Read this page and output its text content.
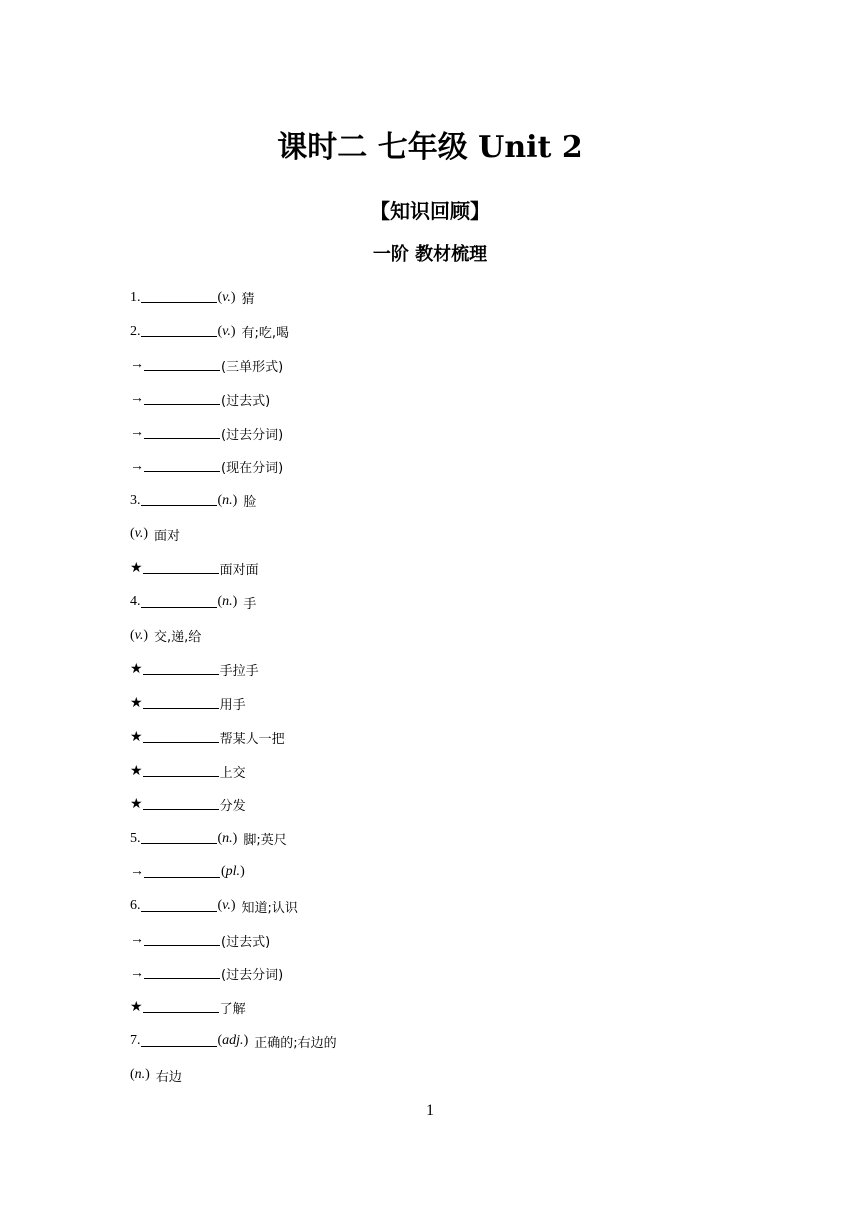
课时二 七年级 Unit 2
【知识回顾】
一阶 教材梳理
1.	(v.) 猜
2.	(v.) 有;吃,喝
→	(三单形式)
→	(过去式)
→	(过去分词)
→	(现在分词)
3.	(n.) 脸
(v.) 面对
★	面对面
4.	(n.) 手
(v.) 交,递,给
★	手拉手
★	用手
★	帮某人一把
★	上交
★	分发
5.	(n.) 脚;英尺
→	(pl.)
6.	(v.) 知道;认识
→	(过去式)
→	(过去分词)
★	了解
7.	(adj.) 正确的;右边的
(n.) 右边
1
